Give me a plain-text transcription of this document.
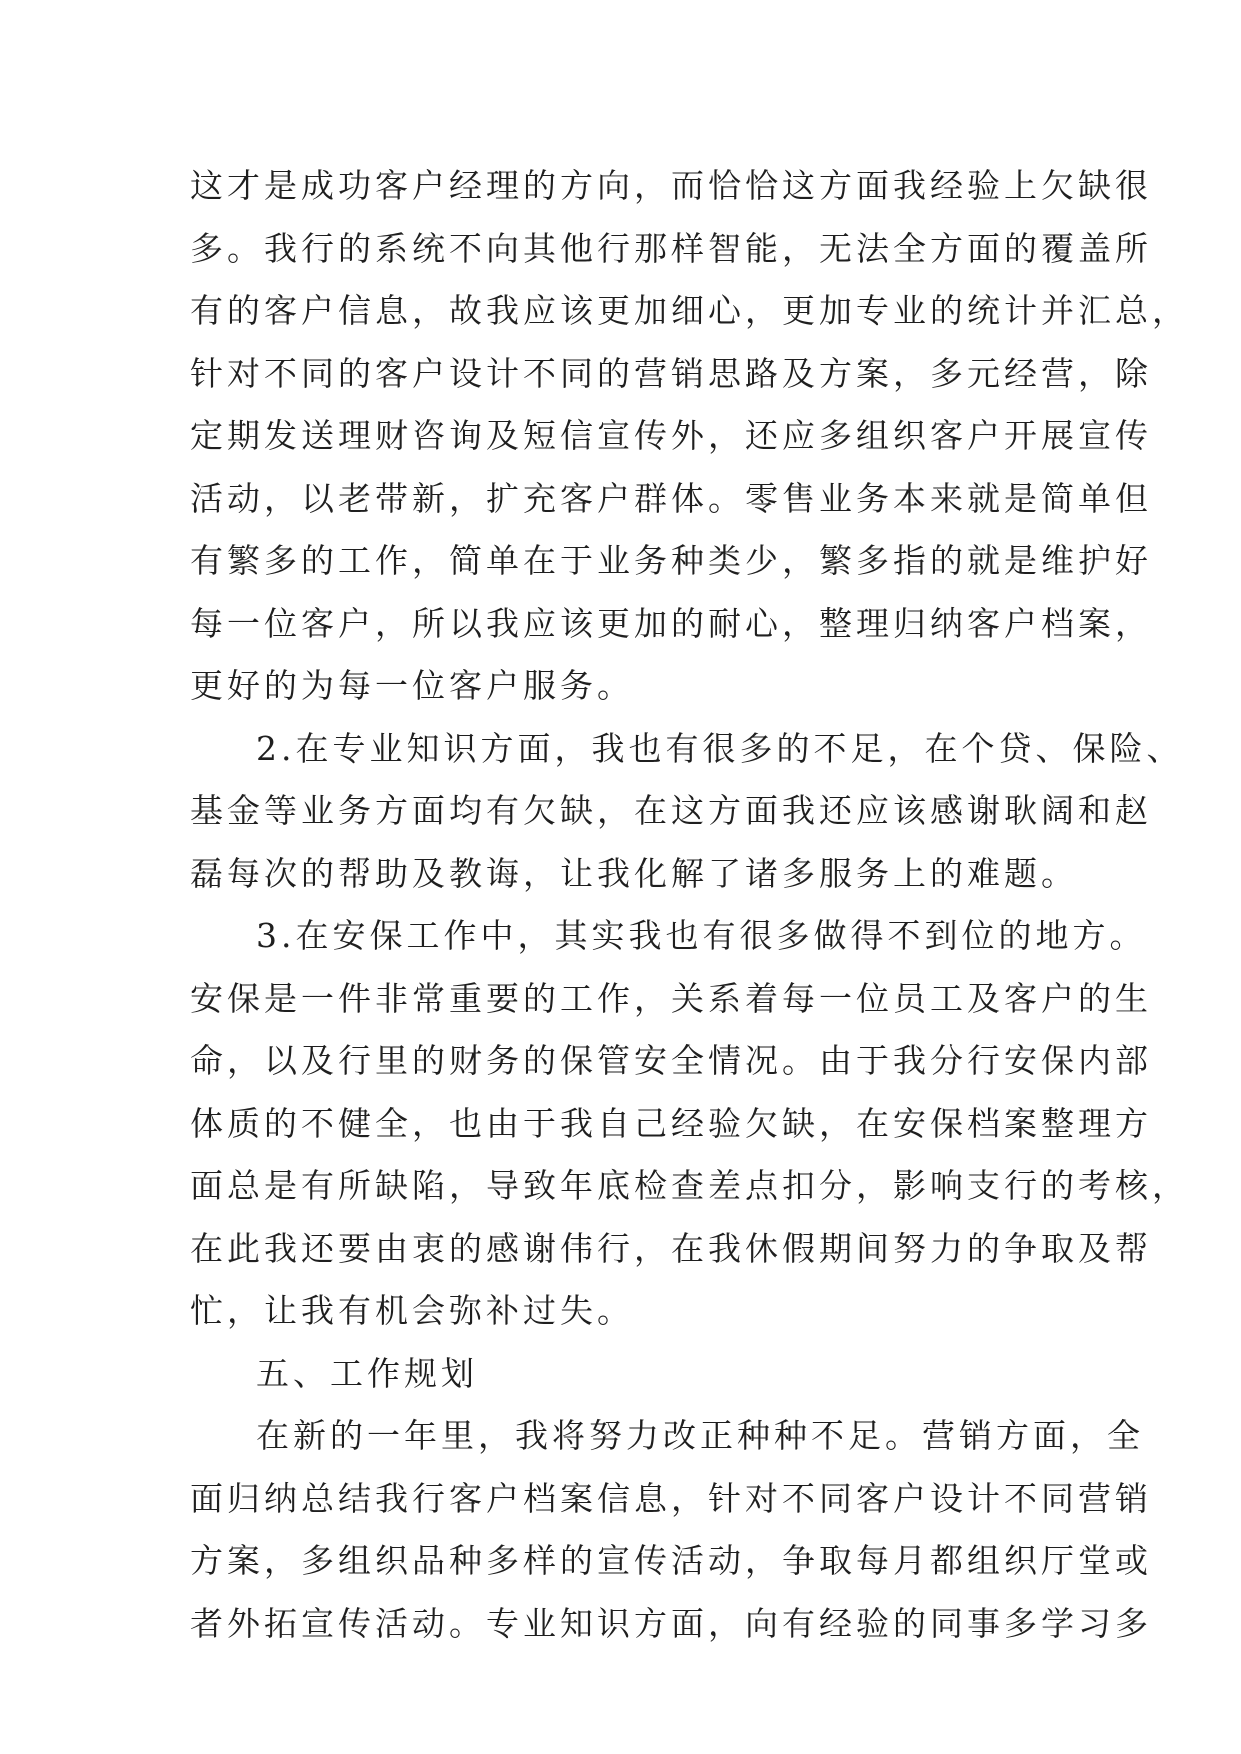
这才是成功客户经理的方向，而恰恰这方面我经验上欠缺很
多。我行的系统不向其他行那样智能，无法全方面的覆盖所
有的客户信息，故我应该更加细心，更加专业的统计并汇总，
针对不同的客户设计不同的营销思路及方案，多元经营，除
定期发送理财咨询及短信宣传外，还应多组织客户开展宣传
活动，以老带新，扩充客户群体。零售业务本来就是简单但
有繁多的工作，简单在于业务种类少，繁多指的就是维护好
每一位客户，所以我应该更加的耐心，整理归纳客户档案，
更好的为每一位客户服务。
2.在专业知识方面，我也有很多的不足，在个贷、保险、
基金等业务方面均有欠缺，在这方面我还应该感谢耿阔和赵
磊每次的帮助及教诲，让我化解了诸多服务上的难题。
3.在安保工作中，其实我也有很多做得不到位的地方。
安保是一件非常重要的工作，关系着每一位员工及客户的生
命，以及行里的财务的保管安全情况。由于我分行安保内部
体质的不健全，也由于我自己经验欠缺，在安保档案整理方
面总是有所缺陷，导致年底检查差点扣分，影响支行的考核，
在此我还要由衷的感谢伟行，在我休假期间努力的争取及帮
忙，让我有机会弥补过失。
五、工作规划
在新的一年里，我将努力改正种种不足。营销方面，全
面归纳总结我行客户档案信息，针对不同客户设计不同营销
方案，多组织品种多样的宣传活动，争取每月都组织厅堂或
者外拓宣传活动。专业知识方面，向有经验的同事多学习多
